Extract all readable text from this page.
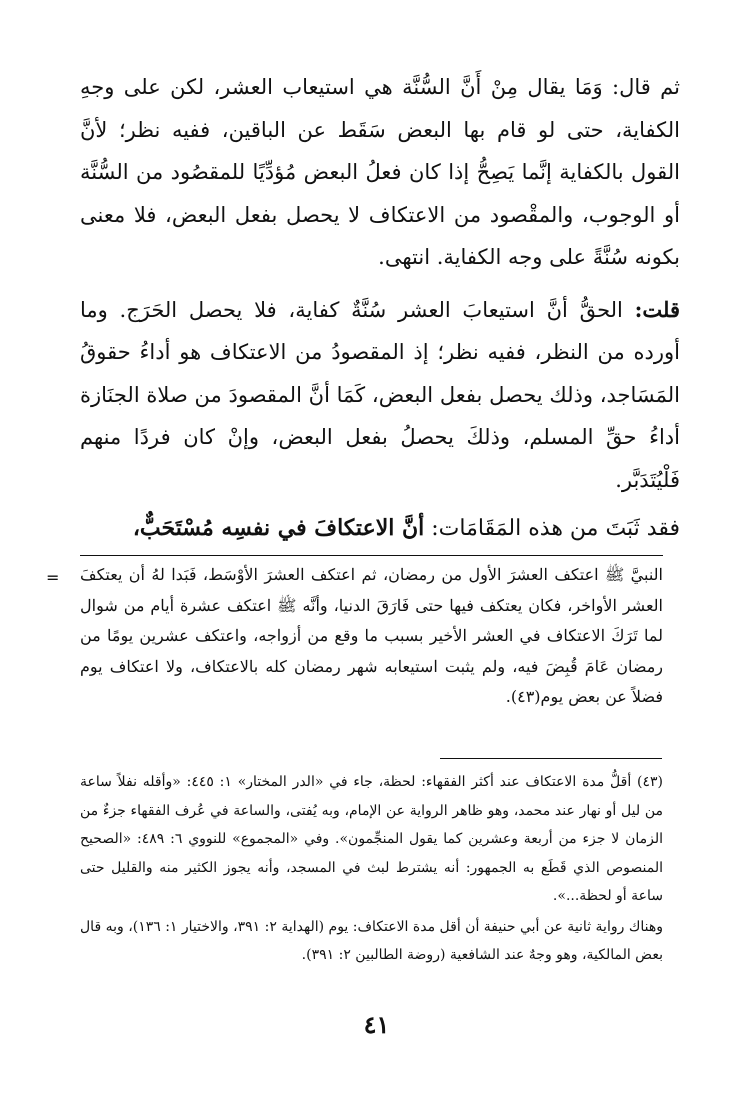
ثم قال: وَمَا يقال مِنْ أَنَّ السُّنَّة هي استيعاب العشر، لكن على وجهِ الكفاية، حتى لو قام بها البعض سَقَط عن الباقين، ففيه نظر؛ لأنَّ القول بالكفاية إنَّما يَصِحُّ إذا كان فعلُ البعض مُؤدِّيًا للمقصُود من السُّنَّة أو الوجوب، والمقْصود من الاعتكاف لا يحصل بفعل البعض، فلا معنى بكونه سُنَّةً على وجه الكفاية. انتهى.

قلت: الحقُّ أنَّ استيعابَ العشر سُنَّةٌ كفاية، فلا يحصل الحَرَج. وما أورده من النظر، ففيه نظر؛ إذ المقصودُ من الاعتكاف هو أداءُ حقوقُ المَسَاجد، وذلك يحصل بفعل البعض، كَمَا أنَّ المقصودَ من صلاة الجنَازة أداءُ حقِّ المسلم، وذلكَ يحصلُ بفعل البعض، وإنْ كان فردًا منهم فَلْيُتَدَبَّر.

فقد ثَبَتَ من هذه المَقَامَات: أنَّ الاعتكافَ في نفسِه مُسْتَحَبٌّ،

= النبيَّ ﷺ اعتكف العشرَ الأول من رمضان، ثم اعتكف العشرَ الأوْسَط، فَبَدا لهُ أن يعتكفَ العشر الأواخر، فكان يعتكف فيها حتى فَارَقَ الدنيا، وأنَّه ﷺ اعتكف عشرة أيام من شوال لما تَرَكَ الاعتكاف في العشر الأخير بسبب ما وقع من أزواجه، واعتكف عشرين يومًا من رمضان عَامَ قُبِضَ فيه، ولم يثبت استيعابه شهر رمضان كله بالاعتكاف، ولا اعتكاف يوم فضلاً عن بعض يوم(٤٣).

(٤٣) أقلُّ مدة الاعتكاف عند أكثر الفقهاء: لحظة، جاء في «الدر المختار» ١: ٤٤٥: «وأقله نفلاً ساعة من ليل أو نهار عند محمد، وهو ظاهر الرواية عن الإمام، وبه يُفتى، والساعة في عُرف الفقهاء جزءٌ من الزمان لا جزء من أربعة وعشرين كما يقول المنجِّمون». وفي «المجموع» للنووي ٦: ٤٨٩: «الصحيح المنصوص الذي قَطَع به الجمهور: أنه يشترط لبث في المسجد، وأنه يجوز الكثير منه والقليل حتى ساعة أو لحظة...».

وهناك رواية ثانية عن أبي حنيفة أن أقل مدة الاعتكاف: يوم (الهداية ٢: ٣٩١، والاختيار ١: ١٣٦)، وبه قال بعض المالكية، وهو وجهٌ عند الشافعية (روضة الطالبين ٢: ٣٩١).

٤١
